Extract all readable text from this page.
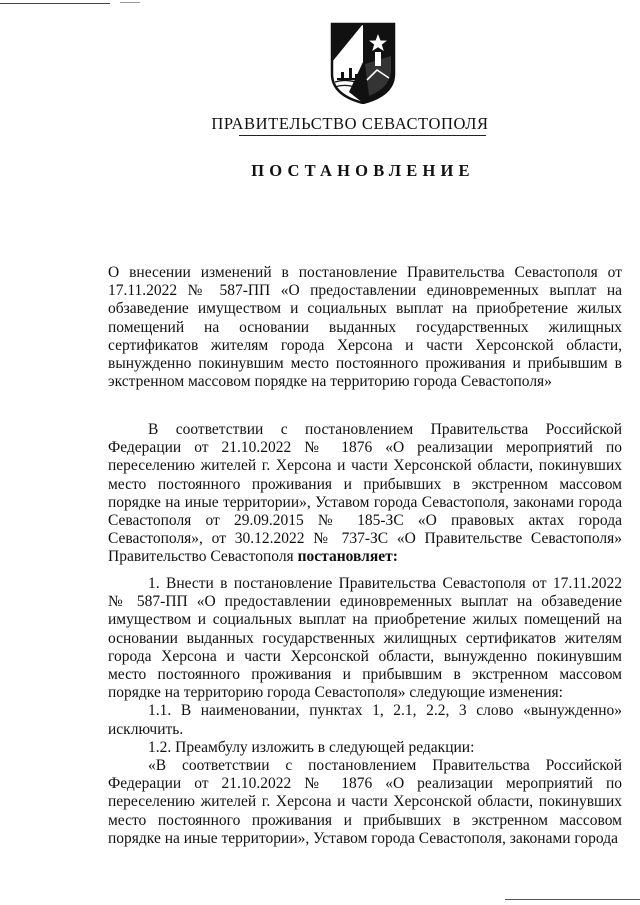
ПРАВИТЕЛЬСТВО СЕВАСТОПОЛЯ
ПОСТАНОВЛЕНИЕ

О внесении изменений в постановление Правительства Севастополя от 17.11.2022 № 587-ПП «О предоставлении единовременных выплат на обзаведение имуществом и социальных выплат на приобретение жилых помещений на основании выданных государственных жилищных сертификатов жителям города Херсона и части Херсонской области, вынужденно покинувшим место постоянного проживания и прибывшим в экстренном массовом порядке на территорию города Севастополя»

В соответствии с постановлением Правительства Российской Федерации от 21.10.2022 № 1876 «О реализации мероприятий по переселению жителей г. Херсона и части Херсонской области, покинувших место постоянного проживания и прибывших в экстренном массовом порядке на иные территории», Уставом города Севастополя, законами города Севастополя от 29.09.2015 № 185-ЗС «О правовых актах города Севастополя», от 30.12.2022 № 737-ЗС «О Правительстве Севастополя» Правительство Севастополя постановляет:

1. Внести в постановление Правительства Севастополя от 17.11.2022 № 587-ПП «О предоставлении единовременных выплат на обзаведение имуществом и социальных выплат на приобретение жилых помещений на основании выданных государственных жилищных сертификатов жителям города Херсона и части Херсонской области, вынужденно покинувшим место постоянного проживания и прибывшим в экстренном массовом порядке на территорию города Севастополя» следующие изменения:

1.1. В наименовании, пунктах 1, 2.1, 2.2, 3 слово «вынужденно» исключить.

1.2. Преамбулу изложить в следующей редакции:

«В соответствии с постановлением Правительства Российской Федерации от 21.10.2022 № 1876 «О реализации мероприятий по переселению жителей г. Херсона и части Херсонской области, покинувших место постоянного проживания и прибывших в экстренном массовом порядке на иные территории», Уставом города Севастополя, законами города
